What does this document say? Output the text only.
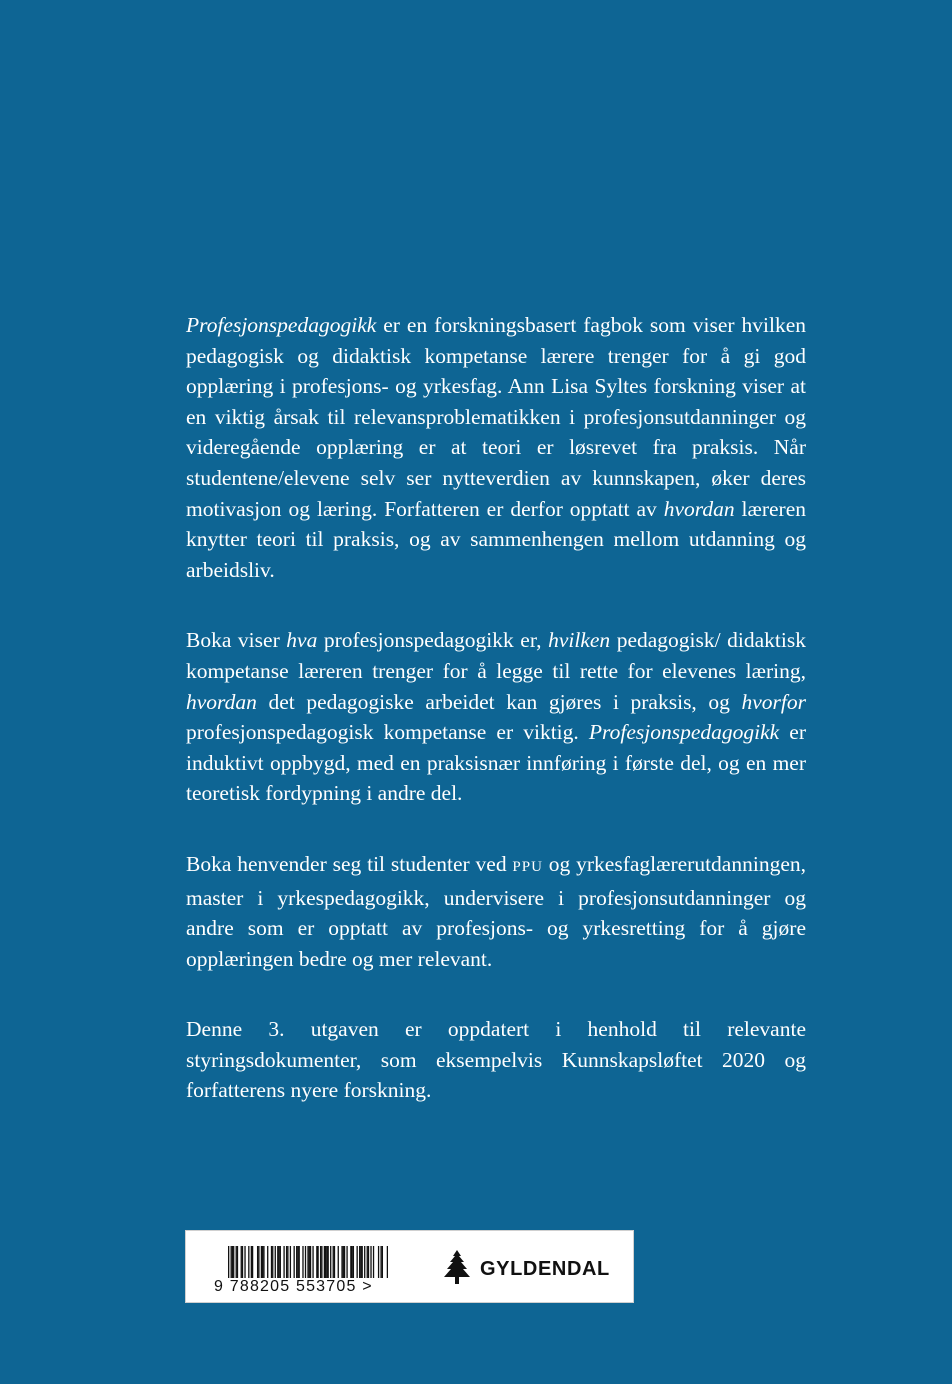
Profesjonspedagogikk er en forskningsbasert fagbok som viser hvilken pedagogisk og didaktisk kompetanse lærere trenger for å gi god opplæring i profesjons- og yrkesfag. Ann Lisa Syltes forskning viser at en viktig årsak til relevansproblematikken i profesjonsutdanninger og videregående opplæring er at teori er løsrevet fra praksis. Når studentene/elevene selv ser nytteverdien av kunnskapen, øker deres motivasjon og læring. Forfatteren er derfor opptatt av hvordan læreren knytter teori til praksis, og av sammenhengen mellom utdanning og arbeidsliv.

Boka viser hva profesjonspedagogikk er, hvilken pedagogisk/ didaktisk kompetanse læreren trenger for å legge til rette for elevenes læring, hvordan det pedagogiske arbeidet kan gjøres i praksis, og hvorfor profesjonspedagogisk kompetanse er viktig. Profesjonspedagogikk er induktivt oppbygd, med en praksisnær innføring i første del, og en mer teoretisk fordypning i andre del.

Boka henvender seg til studenter ved PPU og yrkesfaglærerutdanningen, master i yrkespedagogikk, undervisere i profesjonsutdanninger og andre som er opptatt av profesjons- og yrkesretting for å gjøre opplæringen bedre og mer relevant.

Denne 3. utgaven er oppdatert i henhold til relevante styringsdokumenter, som eksempelvis Kunnskapsløftet 2020 og forfatterens nyere forskning.

9 788205 553705 >
GYLDENDAL
